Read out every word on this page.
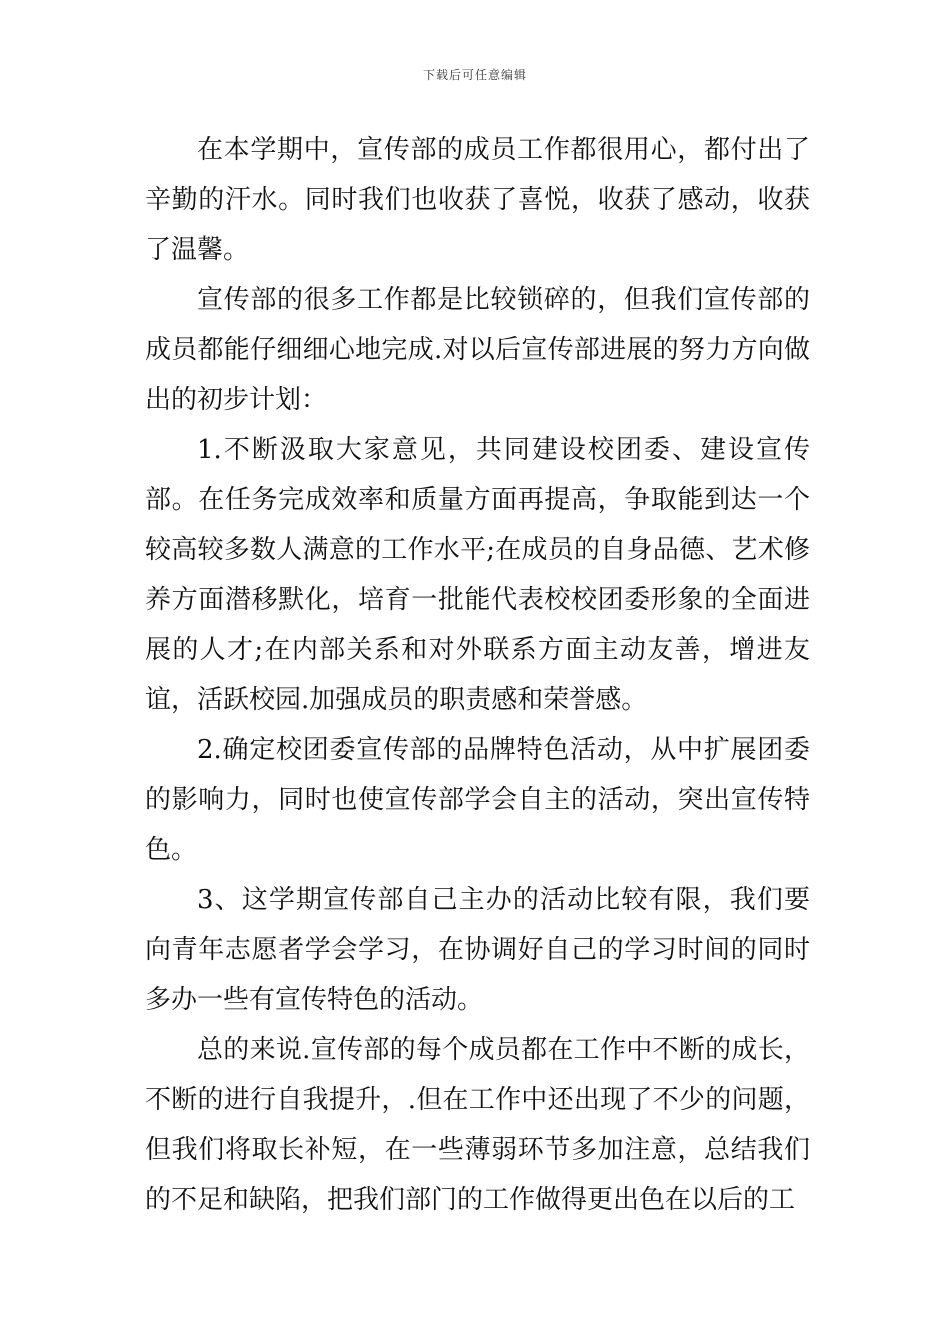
下载后可任意编辑

在本学期中，宣传部的成员工作都很用心，都付出了辛勤的汗水。同时我们也收获了喜悦，收获了感动，收获了温馨。

宣传部的很多工作都是比较锁碎的，但我们宣传部的成员都能仔细细心地完成.对以后宣传部进展的努力方向做出的初步计划：

1.不断汲取大家意见，共同建设校团委、建设宣传部。在任务完成效率和质量方面再提高，争取能到达一个较高较多数人满意的工作水平;在成员的自身品德、艺术修养方面潜移默化，培育一批能代表校校团委形象的全面进展的人才;在内部关系和对外联系方面主动友善，增进友谊，活跃校园.加强成员的职责感和荣誉感。

2.确定校团委宣传部的品牌特色活动，从中扩展团委的影响力，同时也使宣传部学会自主的活动，突出宣传特色。

3、这学期宣传部自己主办的活动比较有限，我们要向青年志愿者学会学习，在协调好自己的学习时间的同时多办一些有宣传特色的活动。

总的来说.宣传部的每个成员都在工作中不断的成长，不断的进行自我提升，.但在工作中还出现了不少的问题，但我们将取长补短，在一些薄弱环节多加注意，总结我们的不足和缺陷，把我们部门的工作做得更出色在以后的工
